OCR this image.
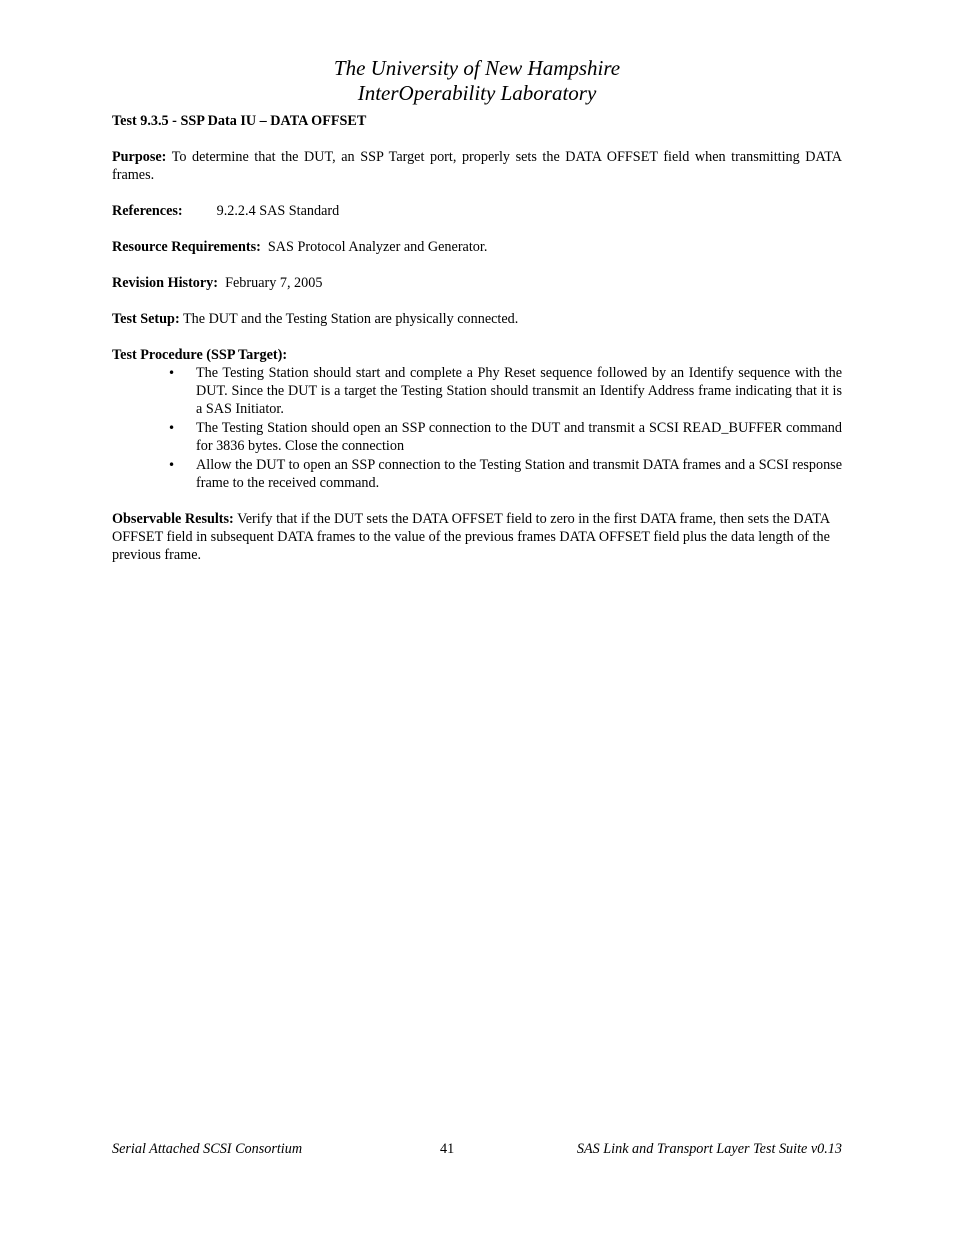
The University of New Hampshire
InterOperability Laboratory
Test 9.3.5 - SSP Data IU – DATA OFFSET

Purpose: To determine that the DUT, an SSP Target port, properly sets the DATA OFFSET field when transmitting DATA frames.

References: 9.2.2.4 SAS Standard

Resource Requirements:  SAS Protocol Analyzer and Generator.

Revision History:  February 7, 2005

Test Setup: The DUT and the Testing Station are physically connected.

Test Procedure (SSP Target):
• The Testing Station should start and complete a Phy Reset sequence followed by an Identify sequence with the DUT. Since the DUT is a target the Testing Station should transmit an Identify Address frame indicating that it is a SAS Initiator.
• The Testing Station should open an SSP connection to the DUT and transmit a SCSI READ_BUFFER command for 3836 bytes. Close the connection
• Allow the DUT to open an SSP connection to the Testing Station and transmit DATA frames and a SCSI response frame to the received command.

Observable Results: Verify that if the DUT sets the DATA OFFSET field to zero in the first DATA frame, then sets the DATA OFFSET field in subsequent DATA frames to the value of the previous frames DATA OFFSET field plus the data length of the previous frame.

Serial Attached SCSI Consortium	41	SAS Link and Transport Layer Test Suite v0.13
